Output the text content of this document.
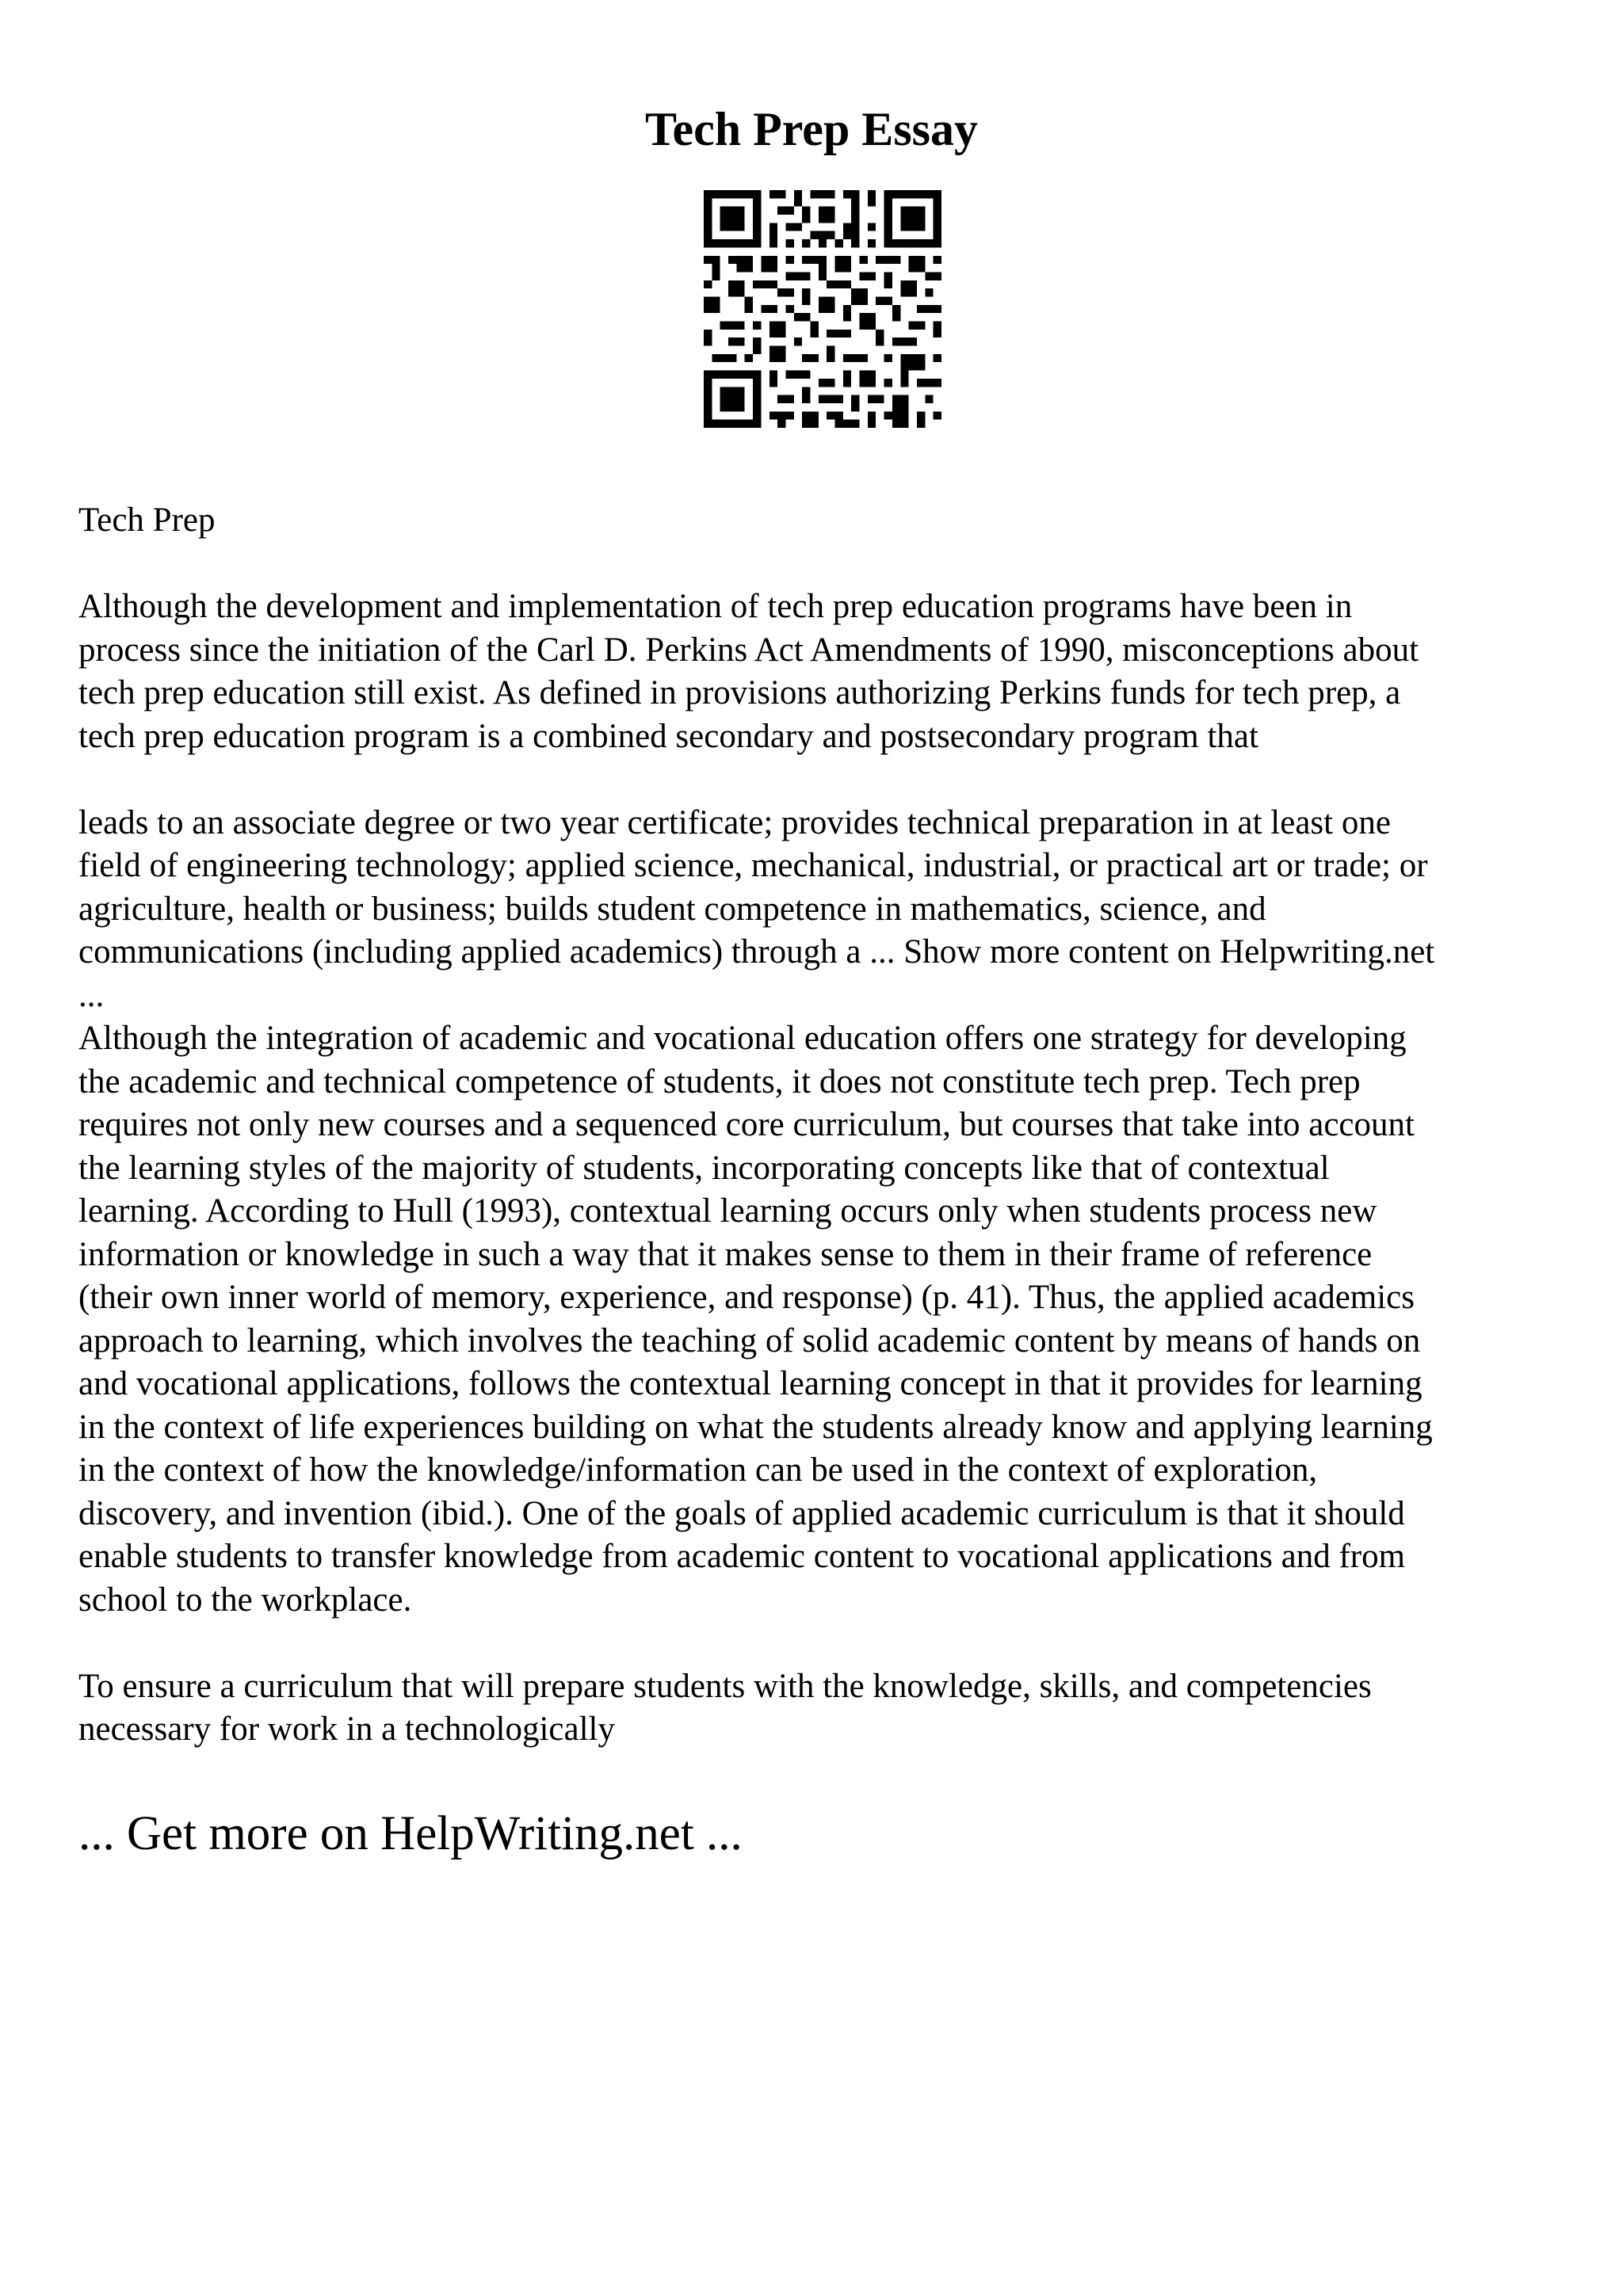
Tech Prep Essay
Tech Prep
Although the development and implementation of tech prep education programs have been in
process since the initiation of the Carl D. Perkins Act Amendments of 1990, misconceptions about
tech prep education still exist. As defined in provisions authorizing Perkins funds for tech prep, a
tech prep education program is a combined secondary and postsecondary program that
leads to an associate degree or two year certificate; provides technical preparation in at least one
field of engineering technology; applied science, mechanical, industrial, or practical art or trade; or
agriculture, health or business; builds student competence in mathematics, science, and
communications (including applied academics) through a ... Show more content on Helpwriting.net
...
Although the integration of academic and vocational education offers one strategy for developing
the academic and technical competence of students, it does not constitute tech prep. Tech prep
requires not only new courses and a sequenced core curriculum, but courses that take into account
the learning styles of the majority of students, incorporating concepts like that of contextual
learning. According to Hull (1993), contextual learning occurs only when students process new
information or knowledge in such a way that it makes sense to them in their frame of reference
(their own inner world of memory, experience, and response) (p. 41). Thus, the applied academics
approach to learning, which involves the teaching of solid academic content by means of hands on
and vocational applications, follows the contextual learning concept in that it provides for learning
in the context of life experiences building on what the students already know and applying learning
in the context of how the knowledge/information can be used in the context of exploration,
discovery, and invention (ibid.). One of the goals of applied academic curriculum is that it should
enable students to transfer knowledge from academic content to vocational applications and from
school to the workplace.
To ensure a curriculum that will prepare students with the knowledge, skills, and competencies
necessary for work in a technologically
... Get more on HelpWriting.net ...
